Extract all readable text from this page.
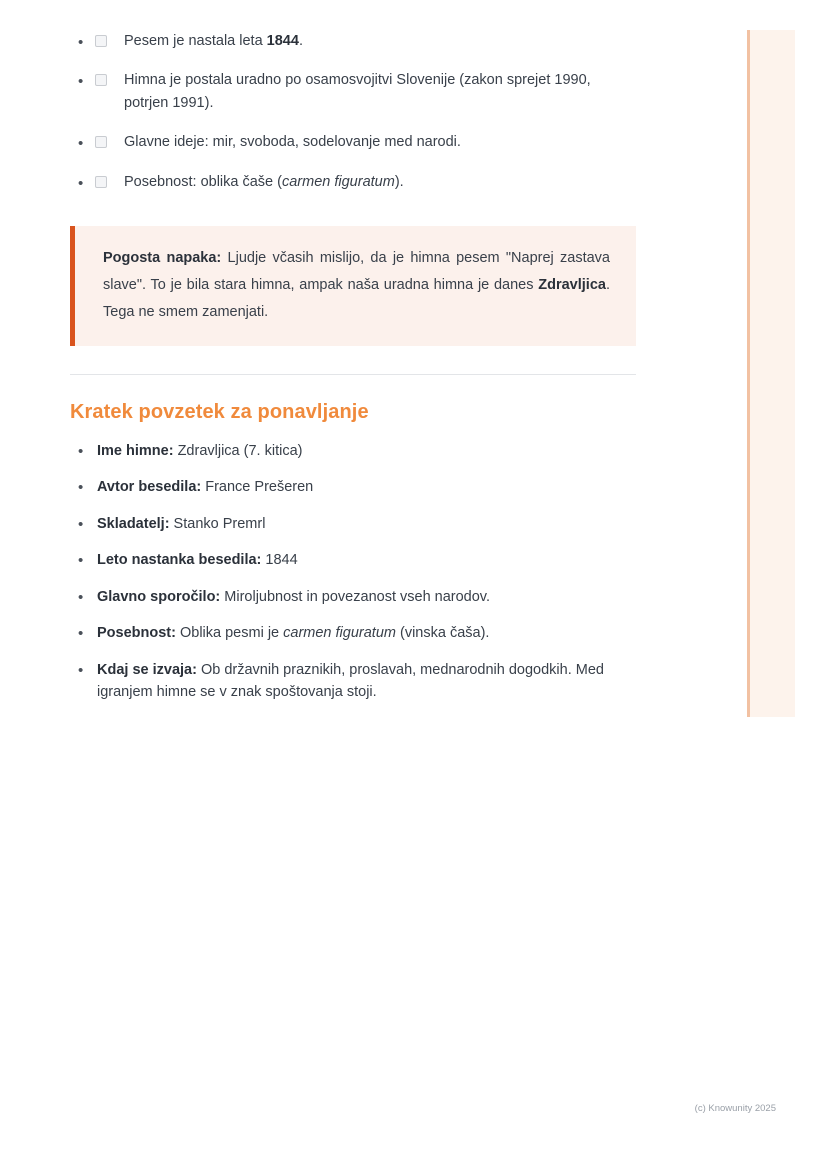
•	Pesem je nastala leta 1844.
•	Himna je postala uradno po osamosvojitvi Slovenije (zakon sprejet 1990, potrjen 1991).
•	Glavne ideje: mir, svoboda, sodelovanje med narodi.
•	Posebnost: oblika čaše (carmen figuratum).

Pogosta napaka: Ljudje včasih mislijo, da je himna pesem "Naprej zastava slave". To je bila stara himna, ampak naša uradna himna je danes Zdravljica. Tega ne smem zamenjati.

Kratek povzetek za ponavljanje
• Ime himne: Zdravljica (7. kitica)
• Avtor besedila: France Prešeren
• Skladatelj: Stanko Premrl
• Leto nastanka besedila: 1844
• Glavno sporočilo: Miroljubnost in povezanost vseh narodov.
• Posebnost: Oblika pesmi je carmen figuratum (vinska čaša).
• Kdaj se izvaja: Ob državnih praznikih, proslavah, mednarodnih dogodkih. Med igranjem himne se v znak spoštovanja stoji.
(c) Knowunity 2025
